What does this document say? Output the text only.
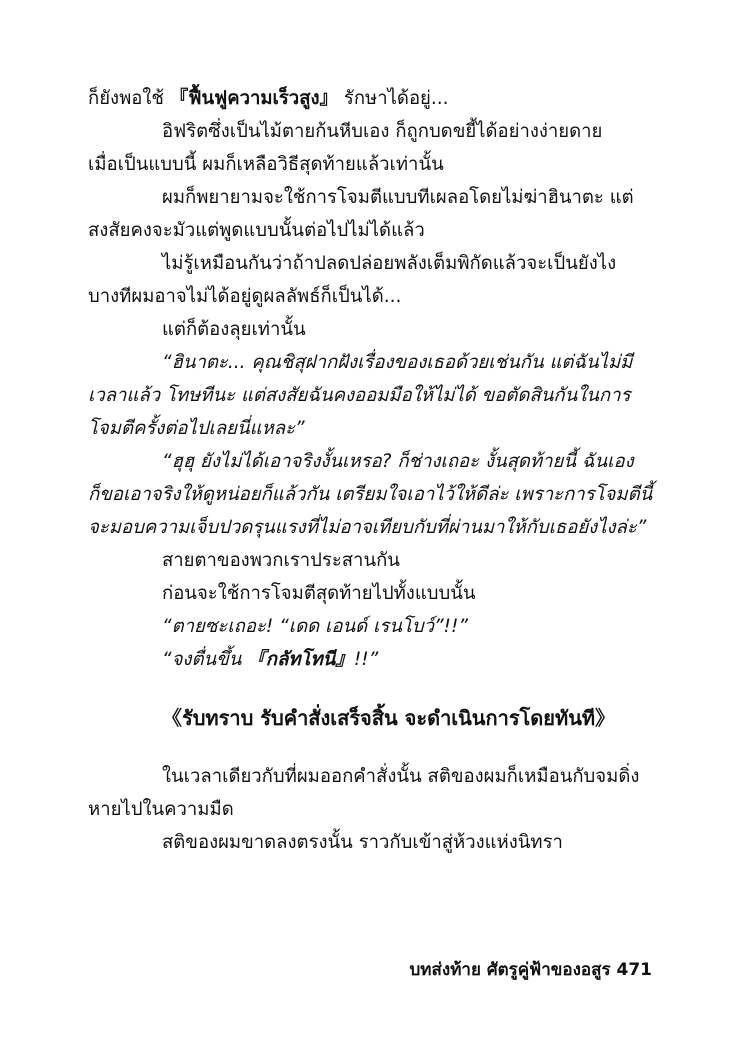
ก็ยังพอใช้ 『ฟื้นฟูความเร็วสูง』 รักษาได้อยู่...
อิฟริตซึ่งเป็นไม้ตายก้นหีบเอง ก็ถูกบดขยี้ได้อย่างง่ายดาย
เมื่อเป็นแบบนี้ ผมก็เหลือวิธีสุดท้ายแล้วเท่านั้น
ผมก็พยายามจะใช้การโจมตีแบบทีเผลอโดยไม่ฆ่าฮินาตะ แต่
สงสัยคงจะมัวแต่พูดแบบนั้นต่อไปไม่ได้แล้ว
ไม่รู้เหมือนกันว่าถ้าปลดปล่อยพลังเต็มพิกัดแล้วจะเป็นยังไง
บางทีผมอาจไม่ได้อยู่ดูผลลัพธ์ก็เป็นได้...
แต่ก็ต้องลุยเท่านั้น
“ฮินาตะ... คุณชิสุฝากฝังเรื่องของเธอด้วยเช่นกัน แต่ฉันไม่มี
เวลาแล้ว โทษทีนะ แต่สงสัยฉันคงออมมือให้ไม่ได้ ขอตัดสินกันในการ
โจมตีครั้งต่อไปเลยนี่แหละ”
“ฮุฮุ ยังไม่ได้เอาจริงงั้นเหรอ? ก็ช่างเถอะ งั้นสุดท้ายนี้ ฉันเอง
ก็ขอเอาจริงให้ดูหน่อยก็แล้วกัน เตรียมใจเอาไว้ให้ดีล่ะ เพราะการโจมตีนี้
จะมอบความเจ็บปวดรุนแรงที่ไม่อาจเทียบกับที่ผ่านมาให้กับเธอยังไงล่ะ”
สายตาของพวกเราประสานกัน
ก่อนจะใช้การโจมตีสุดท้ายไปทั้งแบบนั้น
“ตายซะเถอะ! “เดด เอนด์ เรนโบว์”!!”
“จงตื่นขึ้น 『กลัทโทนี』!!”
《รับทราบ รับคำสั่งเสร็จสิ้น จะดำเนินการโดยทันที》
ในเวลาเดียวกับที่ผมออกคำสั่งนั้น สติของผมก็เหมือนกับจมดิ่ง
หายไปในความมืด
สติของผมขาดลงตรงนั้น ราวกับเข้าสู่ห้วงแห่งนิทรา
บทส่งท้าย ศัตรูคู่ฟ้าของอสูร 471
